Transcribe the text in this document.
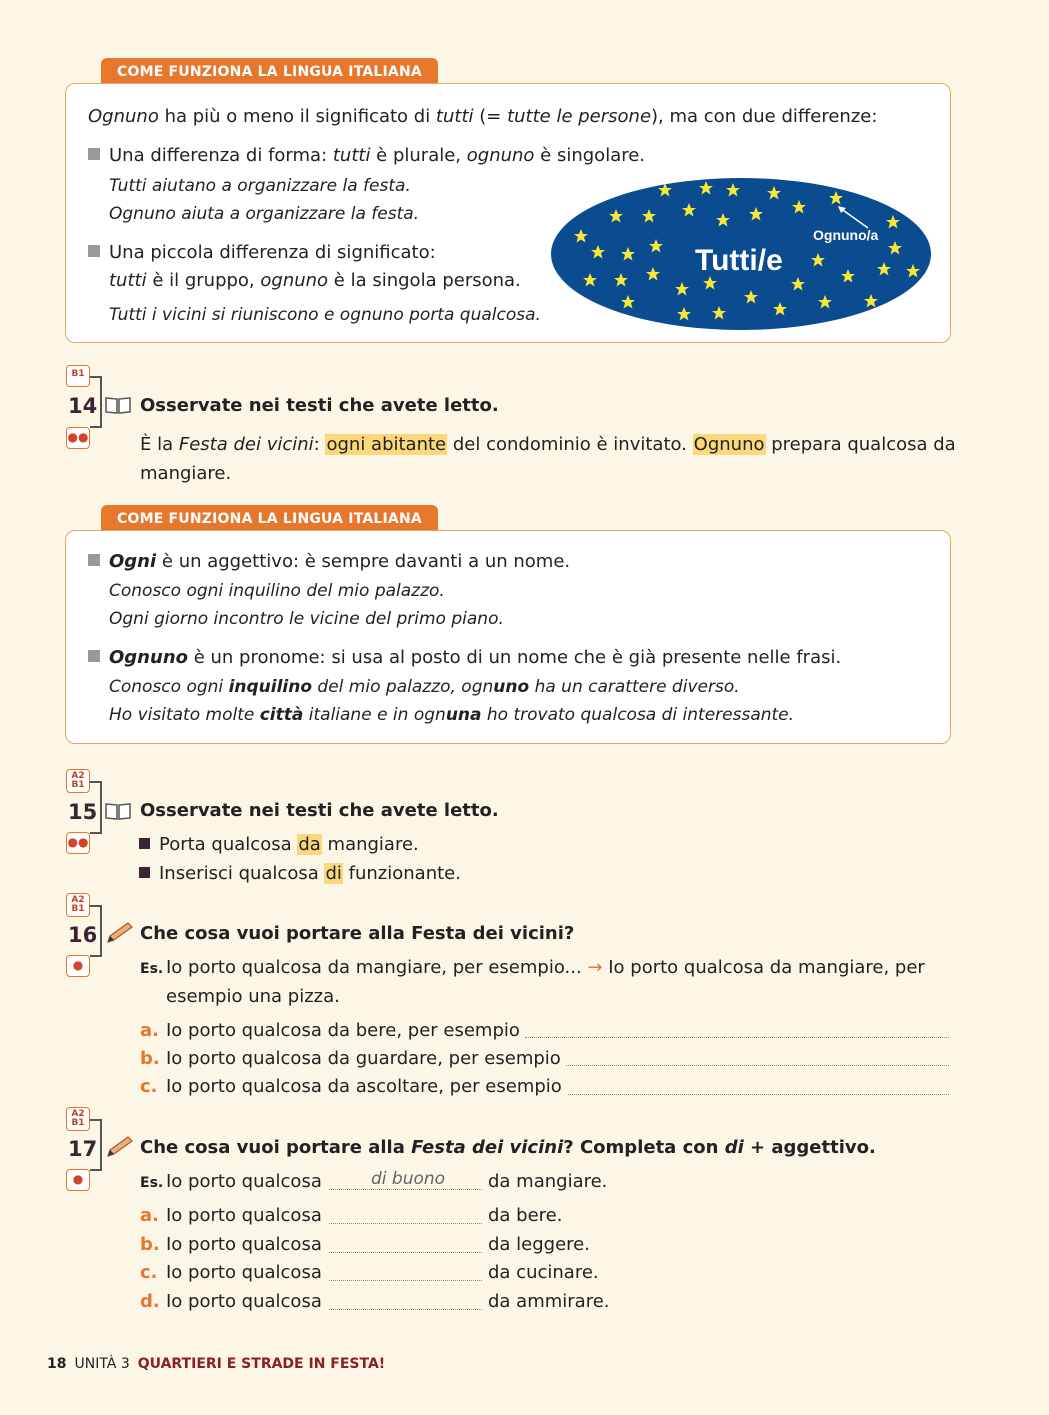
COME FUNZIONA LA LINGUA ITALIANA
Ognuno ha più o meno il significato di tutti (= tutte le persone), ma con due differenze:
Una differenza di forma: tutti è plurale, ognuno è singolare.
Tutti aiutano a organizzare la festa.
Ognuno aiuta a organizzare la festa.
Una piccola differenza di significato:
tutti è il gruppo, ognuno è la singola persona.
Tutti i vicini si riuniscono e ognuno porta qualcosa.
Tutti/e
Ognuno/a
B1
14 Osservate nei testi che avete letto.
●●	È la Festa dei vicini: ogni abitante del condominio è invitato. Ognuno prepara qualcosa da
mangiare.
COME FUNZIONA LA LINGUA ITALIANA
Ogni è un aggettivo: è sempre davanti a un nome.
Conosco ogni inquilino del mio palazzo.
Ogni giorno incontro le vicine del primo piano.
Ognuno è un pronome: si usa al posto di un nome che è già presente nelle frasi.
Conosco ogni inquilino del mio palazzo, ognuno ha un carattere diverso.
Ho visitato molte città italiane e in ognuna ho trovato qualcosa di interessante.
A2
B1
15 Osservate nei testi che avete letto.
●●	Porta qualcosa da mangiare.
Inserisci qualcosa di funzionante.
A2
B1
16 Che cosa vuoi portare alla Festa dei vicini?
●	Es. Io porto qualcosa da mangiare, per esempio... → Io porto qualcosa da mangiare, per
esempio una pizza.
a. Io porto qualcosa da bere, per esempio
b. Io porto qualcosa da guardare, per esempio
c. Io porto qualcosa da ascoltare, per esempio
A2
B1
17 Che cosa vuoi portare alla Festa dei vicini? Completa con di + aggettivo.
●	Es. Io porto qualcosa	di buono da mangiare.
a. Io porto qualcosa	da bere.
b. Io porto qualcosa	da leggere.
c. Io porto qualcosa	da cucinare.
d. Io porto qualcosa	da ammirare.
18 UNITÀ 3 QUARTIERI E STRADE IN FESTA!
